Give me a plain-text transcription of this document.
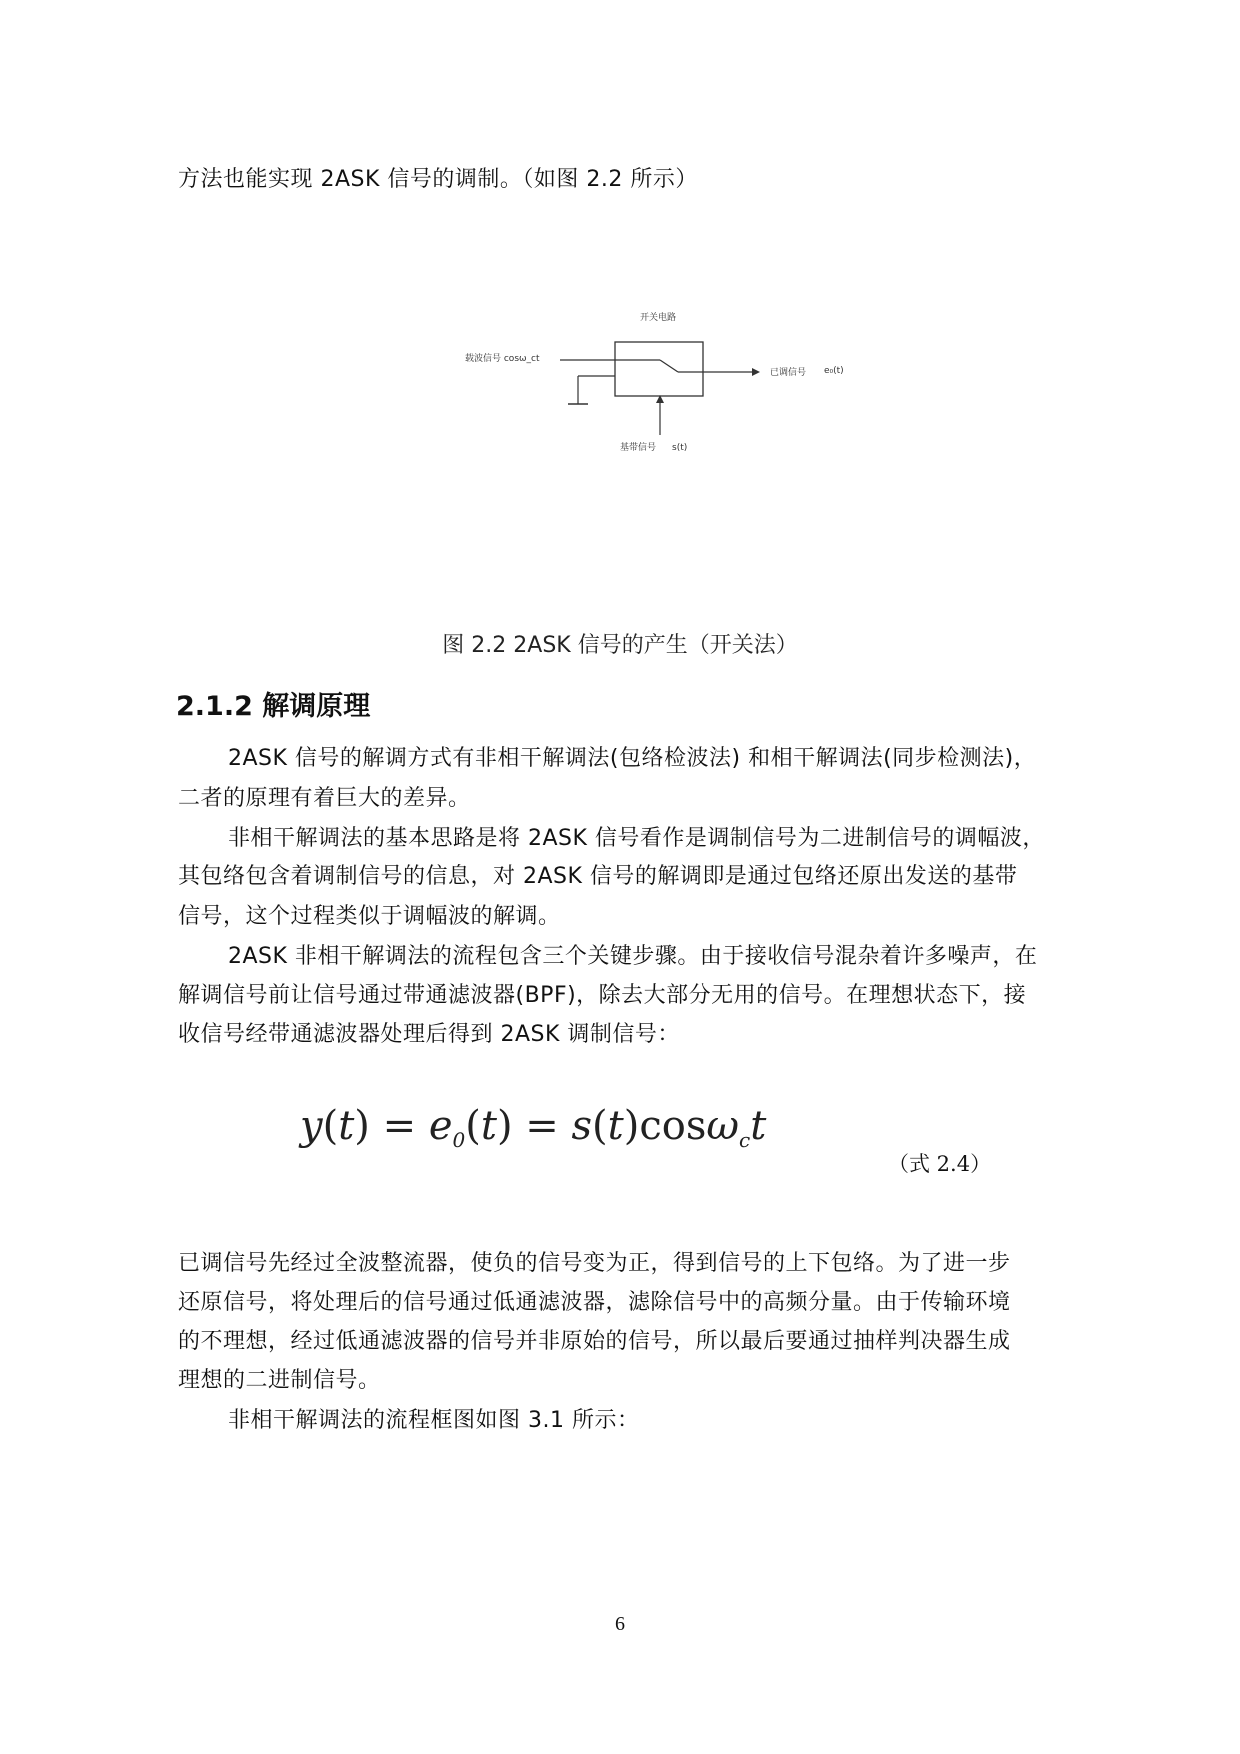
方法也能实现 2ASK 信号的调制。（如图 2.2 所示）
开关电路
载波信号 cosω_ct
已调信号 e₀(t)
基带信号 s(t)
图 2.2 2ASK 信号的产生（开关法）
2.1.2 解调原理
2ASK 信号的解调方式有非相干解调法(包络检波法) 和相干解调法(同步检测法)，
二者的原理有着巨大的差异。
非相干解调法的基本思路是将 2ASK 信号看作是调制信号为二进制信号的调幅波，
其包络包含着调制信号的信息，对 2ASK 信号的解调即是通过包络还原出发送的基带
信号，这个过程类似于调幅波的解调。
2ASK 非相干解调法的流程包含三个关键步骤。由于接收信号混杂着许多噪声，在
解调信号前让信号通过带通滤波器(BPF)，除去大部分无用的信号。在理想状态下，接
收信号经带通滤波器处理后得到 2ASK 调制信号：
$y(t) = e_0(t) = s(t)\cos\omega_ct$
（式 2.4）
已调信号先经过全波整流器，使负的信号变为正，得到信号的上下包络。为了进一步
还原信号，将处理后的信号通过低通滤波器，滤除信号中的高频分量。由于传输环境
的不理想，经过低通滤波器的信号并非原始的信号，所以最后要通过抽样判决器生成
理想的二进制信号。
非相干解调法的流程框图如图 3.1 所示：
6
